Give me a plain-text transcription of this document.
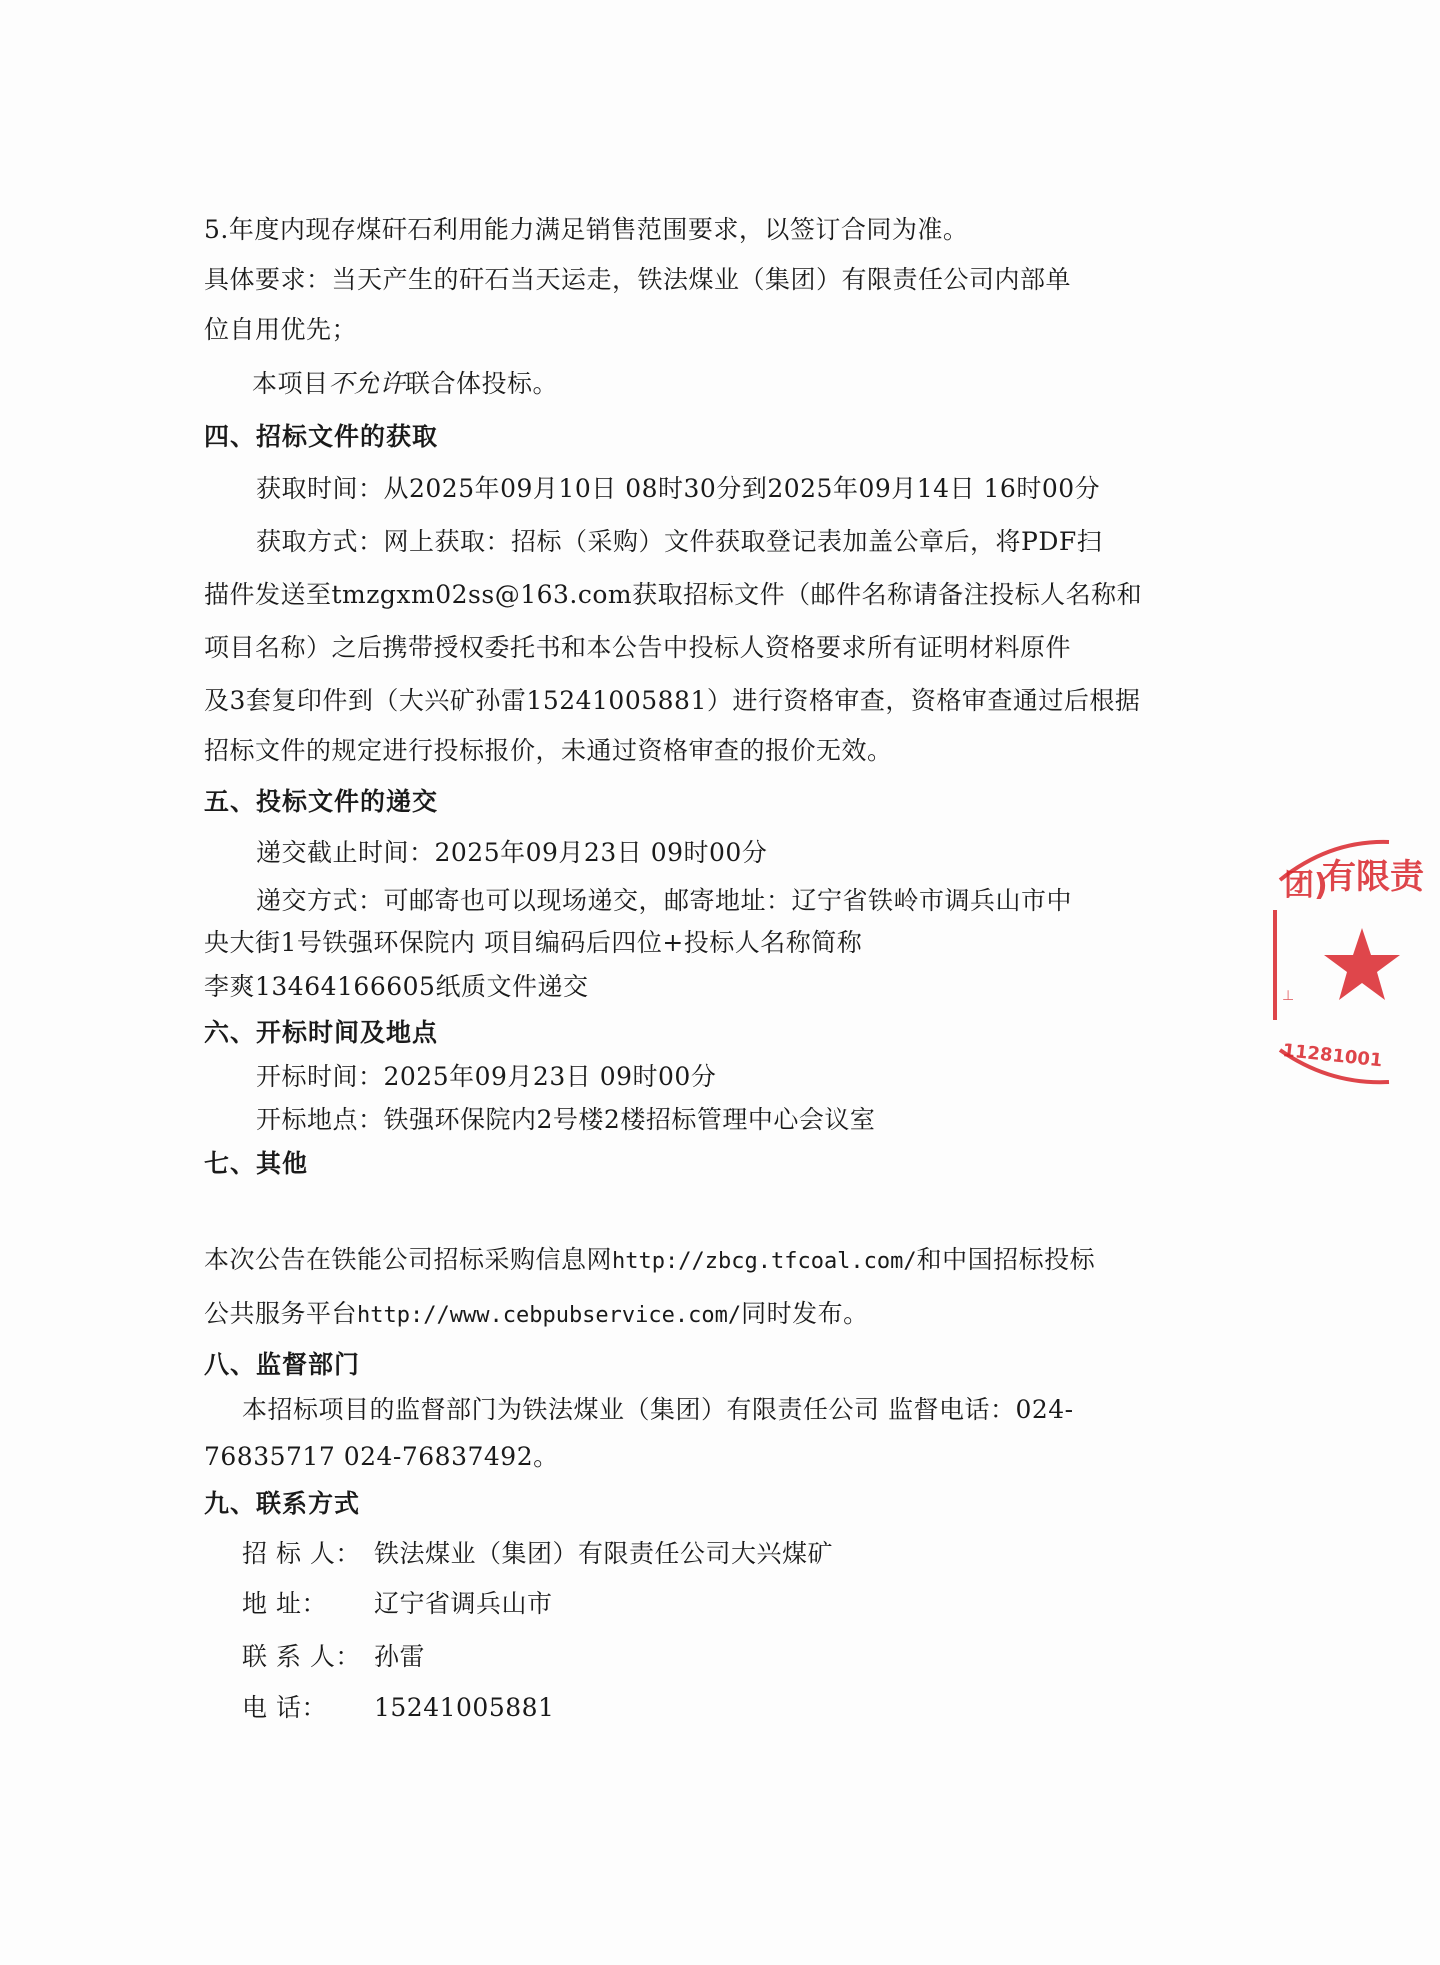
5.年度内现存煤矸石利用能力满足销售范围要求，以签订合同为准。
具体要求：当天产生的矸石当天运走，铁法煤业（集团）有限责任公司内部单
位自用优先；
本项目不允许联合体投标。
四、招标文件的获取
获取时间：从2025年09月10日 08时30分到2025年09月14日 16时00分
获取方式：网上获取：招标（采购）文件获取登记表加盖公章后，将PDF扫
描件发送至tmzgxm02ss@163.com获取招标文件（邮件名称请备注投标人名称和
项目名称）之后携带授权委托书和本公告中投标人资格要求所有证明材料原件
及3套复印件到（大兴矿孙雷15241005881）进行资格审查，资格审查通过后根据
招标文件的规定进行投标报价，未通过资格审查的报价无效。
五、投标文件的递交
递交截止时间：2025年09月23日 09时00分
递交方式：可邮寄也可以现场递交，邮寄地址：辽宁省铁岭市调兵山市中
央大街1号铁强环保院内 项目编码后四位+投标人名称简称
李爽13464166605纸质文件递交
六、开标时间及地点
开标时间：2025年09月23日 09时00分
开标地点：铁强环保院内2号楼2楼招标管理中心会议室
七、其他
本次公告在铁能公司招标采购信息网http://zbcg.tfcoal.com/和中国招标投标
公共服务平台http://www.cebpubservice.com/同时发布。
八、监督部门
本招标项目的监督部门为铁法煤业（集团）有限责任公司 监督电话：024-
76835717 024-76837492。
九、联系方式
招 标 人： 铁法煤业（集团）有限责任公司大兴煤矿
地 址： 辽宁省调兵山市
联 系 人： 孙雷
电 话： 15241005881
团)
有限责
⊥
11281001
